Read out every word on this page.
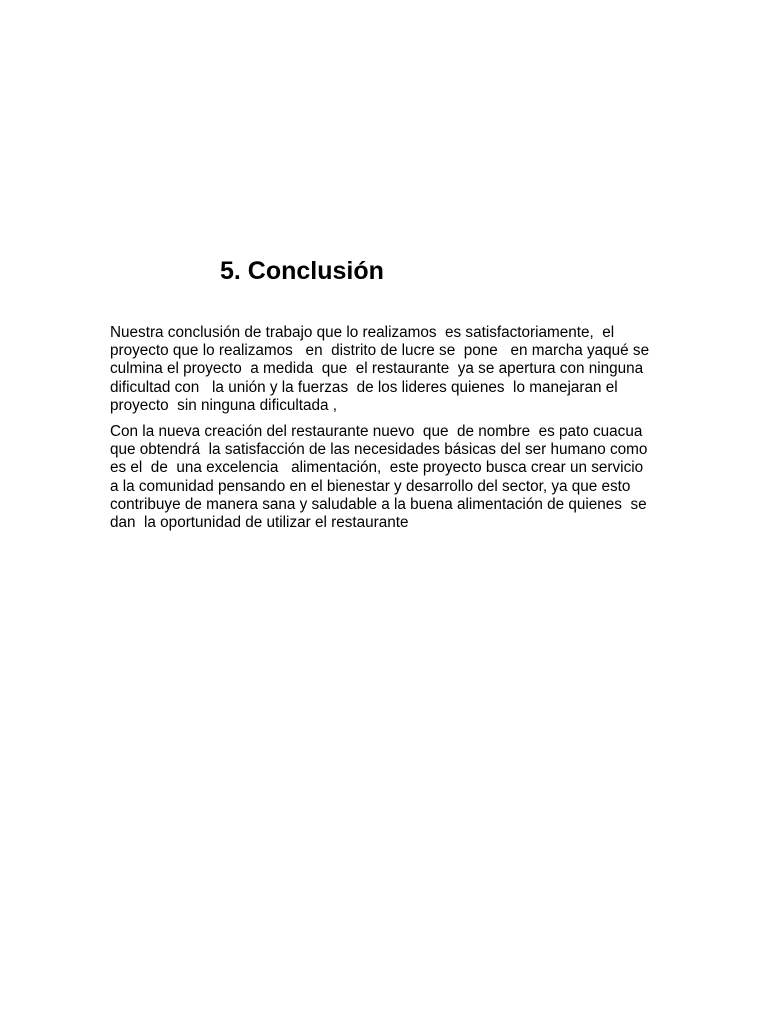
5. Conclusión

Nuestra conclusión de trabajo que lo realizamos  es satisfactoriamente,  el
proyecto que lo realizamos   en  distrito de lucre se  pone   en marcha yaqué se
culmina el proyecto  a medida  que  el restaurante  ya se apertura con ninguna
dificultad con   la unión y la fuerzas  de los lideres quienes  lo manejaran el
proyecto  sin ninguna dificultada ,

Con la nueva creación del restaurante nuevo  que  de nombre  es pato cuacua
que obtendrá  la satisfacción de las necesidades básicas del ser humano como
es el  de  una excelencia   alimentación,  este proyecto busca crear un servicio
a la comunidad pensando en el bienestar y desarrollo del sector, ya que esto
contribuye de manera sana y saludable a la buena alimentación de quienes  se
dan  la oportunidad de utilizar el restaurante
